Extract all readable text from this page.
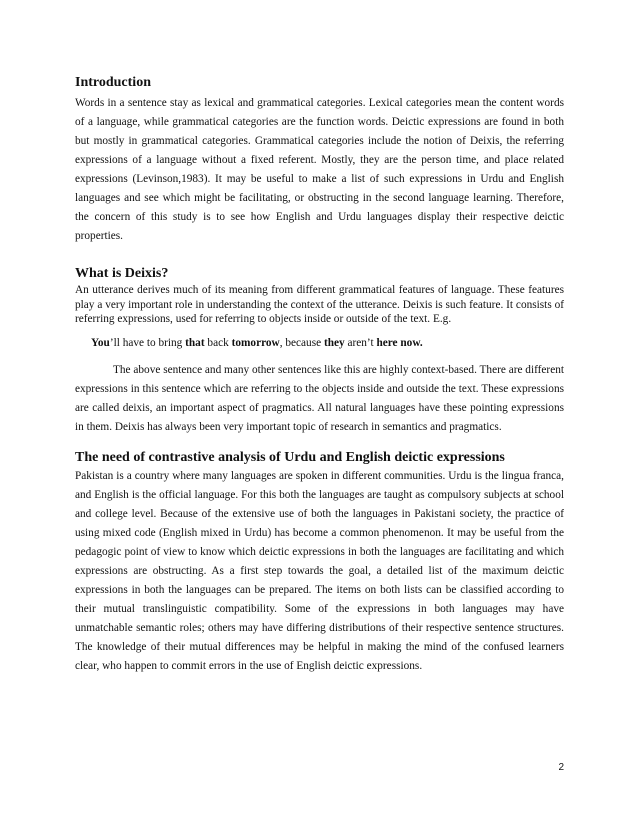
Introduction

Words in a sentence stay as lexical and grammatical categories. Lexical categories mean the content words of a language, while grammatical categories are the function words. Deictic expressions are found in both but mostly in grammatical categories. Grammatical categories include the notion of Deixis, the referring expressions of a language without a fixed referent. Mostly, they are the person time, and place related expressions (Levinson,1983). It may be useful to make a list of such expressions in Urdu and English languages and see which might be facilitating, or obstructing in the second language learning. Therefore, the concern of this study is to see how English and Urdu languages display their respective deictic properties.

What is Deixis?

An utterance derives much of its meaning from different grammatical features of language. These features play a very important role in understanding the context of the utterance. Deixis is such feature. It consists of referring expressions, used for referring to objects inside or outside of the text. E.g.

You’ll have to bring that back tomorrow, because they aren’t here now.

The above sentence and many other sentences like this are highly context-based. There are different expressions in this sentence which are referring to the objects inside and outside the text. These expressions are called deixis, an important aspect of pragmatics. All natural languages have these pointing expressions in them. Deixis has always been very important topic of research in semantics and pragmatics.

The need of contrastive analysis of Urdu and English deictic expressions

Pakistan is a country where many languages are spoken in different communities. Urdu is the lingua franca, and English is the official language. For this both the languages are taught as compulsory subjects at school and college level. Because of the extensive use of both the languages in Pakistani society, the practice of using mixed code (English mixed in Urdu) has become a common phenomenon. It may be useful from the pedagogic point of view to know which deictic expressions in both the languages are facilitating and which expressions are obstructing. As a first step towards the goal, a detailed list of the maximum deictic expressions in both the languages can be prepared. The items on both lists can be classified according to their mutual translinguistic compatibility. Some of the expressions in both languages may have unmatchable semantic roles; others may have differing distributions of their respective sentence structures. The knowledge of their mutual differences may be helpful in making the mind of the confused learners clear, who happen to commit errors in the use of English deictic expressions.

2
